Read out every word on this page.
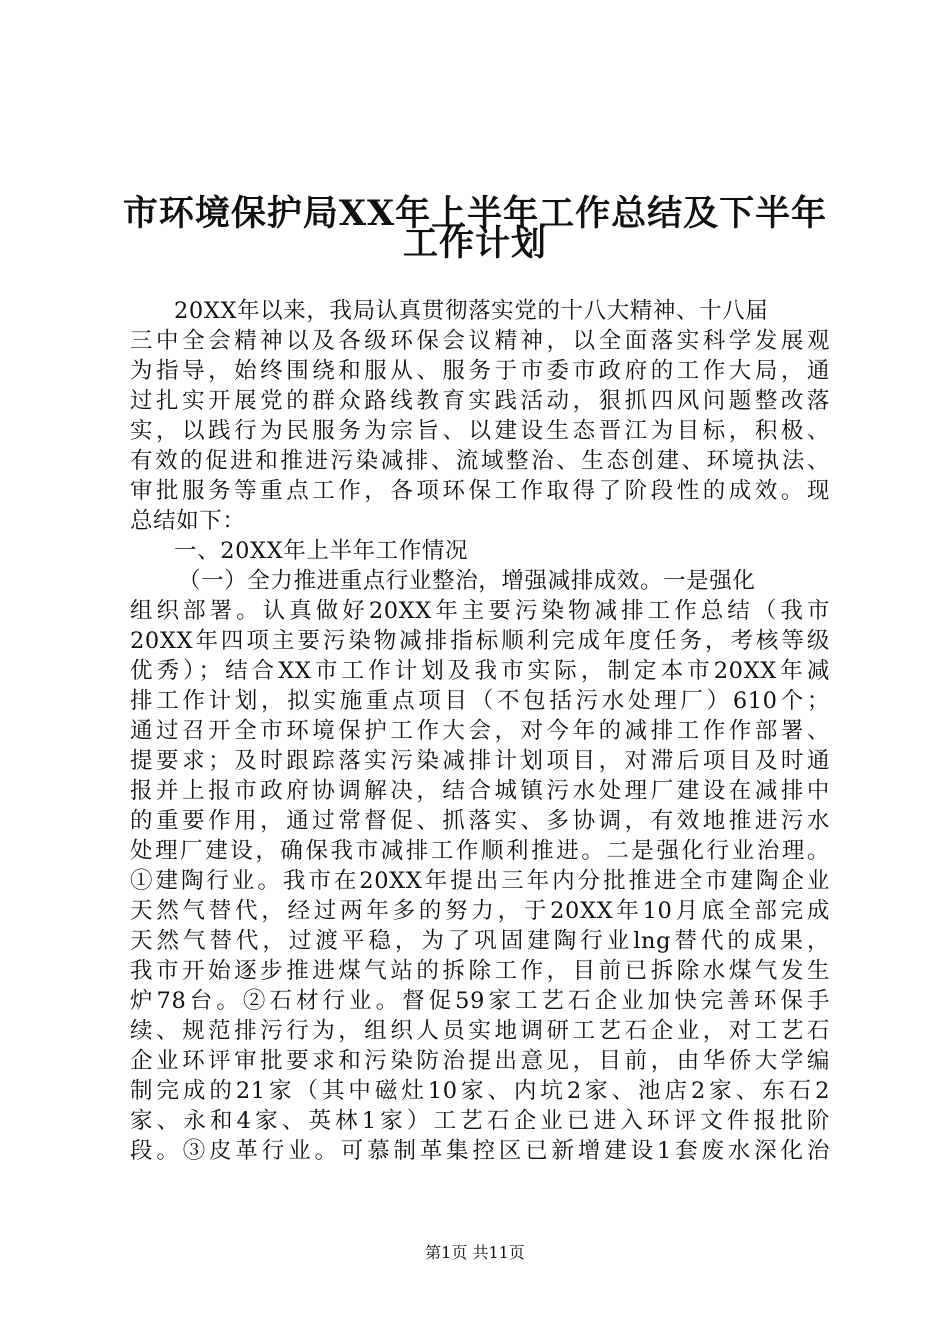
市环境保护局XX年上半年工作总结及下半年
工作计划
20XX年以来，我局认真贯彻落实党的十八大精神、十八届
三中全会精神以及各级环保会议精神，以全面落实科学发展观
为指导，始终围绕和服从、服务于市委市政府的工作大局，通
过扎实开展党的群众路线教育实践活动，狠抓四风问题整改落
实，以践行为民服务为宗旨、以建设生态晋江为目标，积极、
有效的促进和推进污染减排、流域整治、生态创建、环境执法、
审批服务等重点工作，各项环保工作取得了阶段性的成效。现
总结如下：
一、20XX年上半年工作情况
（一）全力推进重点行业整治，增强减排成效。一是强化
组织部署。认真做好20XX年主要污染物减排工作总结（我市
20XX年四项主要污染物减排指标顺利完成年度任务，考核等级
优秀）；结合XX市工作计划及我市实际，制定本市20XX年减
排工作计划，拟实施重点项目（不包括污水处理厂）610个；
通过召开全市环境保护工作大会，对今年的减排工作作部署、
提要求；及时跟踪落实污染减排计划项目，对滞后项目及时通
报并上报市政府协调解决，结合城镇污水处理厂建设在减排中
的重要作用，通过常督促、抓落实、多协调，有效地推进污水
处理厂建设，确保我市减排工作顺利推进。二是强化行业治理。
①建陶行业。我市在20XX年提出三年内分批推进全市建陶企业
天然气替代，经过两年多的努力，于20XX年10月底全部完成
天然气替代，过渡平稳，为了巩固建陶行业lng替代的成果，
我市开始逐步推进煤气站的拆除工作，目前已拆除水煤气发生
炉78台。②石材行业。督促59家工艺石企业加快完善环保手
续、规范排污行为，组织人员实地调研工艺石企业，对工艺石
企业环评审批要求和污染防治提出意见，目前，由华侨大学编
制完成的21家（其中磁灶10家、内坑2家、池店2家、东石2
家、永和4家、英林1家）工艺石企业已进入环评文件报批阶
段。③皮革行业。可慕制革集控区已新增建设1套废水深化治
第1页 共11页
